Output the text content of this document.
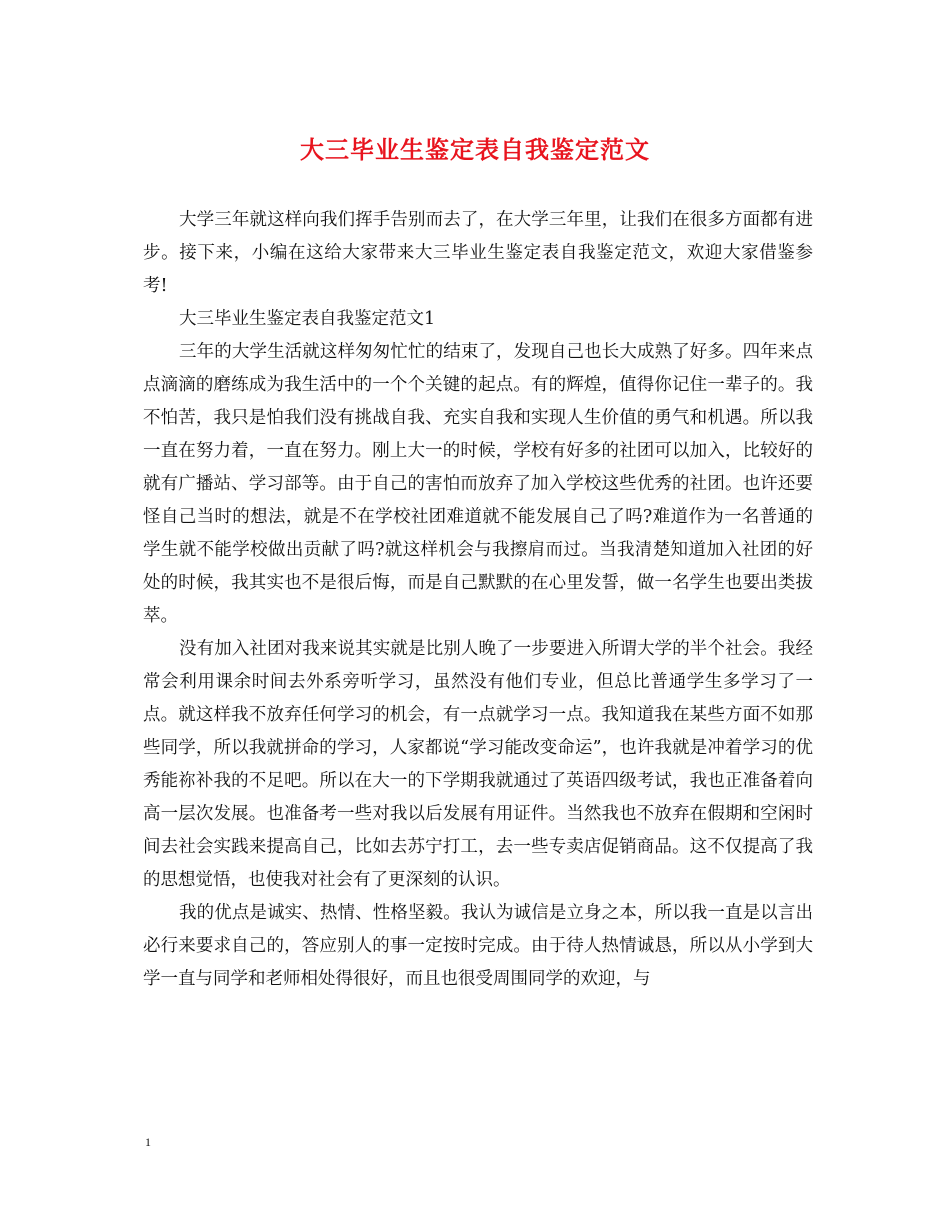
大三毕业生鉴定表自我鉴定范文

大学三年就这样向我们挥手告别而去了，在大学三年里，让我们在很多方面都有进步。接下来，小编在这给大家带来大三毕业生鉴定表自我鉴定范文，欢迎大家借鉴参考!

大三毕业生鉴定表自我鉴定范文1

三年的大学生活就这样匆匆忙忙的结束了，发现自己也长大成熟了好多。四年来点点滴滴的磨练成为我生活中的一个个关键的起点。有的辉煌，值得你记住一辈子的。我不怕苦，我只是怕我们没有挑战自我、充实自我和实现人生价值的勇气和机遇。所以我一直在努力着，一直在努力。刚上大一的时候，学校有好多的社团可以加入，比较好的就有广播站、学习部等。由于自己的害怕而放弃了加入学校这些优秀的社团。也许还要怪自己当时的想法，就是不在学校社团难道就不能发展自己了吗?难道作为一名普通的学生就不能学校做出贡献了吗?就这样机会与我擦肩而过。当我清楚知道加入社团的好处的时候，我其实也不是很后悔，而是自己默默的在心里发誓，做一名学生也要出类拔萃。

没有加入社团对我来说其实就是比别人晚了一步要进入所谓大学的半个社会。我经常会利用课余时间去外系旁听学习，虽然没有他们专业，但总比普通学生多学习了一点。就这样我不放弃任何学习的机会，有一点就学习一点。我知道我在某些方面不如那些同学，所以我就拼命的学习，人家都说“学习能改变命运”，也许我就是冲着学习的优秀能祢补我的不足吧。所以在大一的下学期我就通过了英语四级考试，我也正准备着向高一层次发展。也准备考一些对我以后发展有用证件。当然我也不放弃在假期和空闲时间去社会实践来提高自己，比如去苏宁打工，去一些专卖店促销商品。这不仅提高了我的思想觉悟，也使我对社会有了更深刻的认识。

我的优点是诚实、热情、性格坚毅。我认为诚信是立身之本，所以我一直是以言出必行来要求自己的，答应别人的事一定按时完成。由于待人热情诚恳，所以从小学到大学一直与同学和老师相处得很好，而且也很受周围同学的欢迎，与

1
